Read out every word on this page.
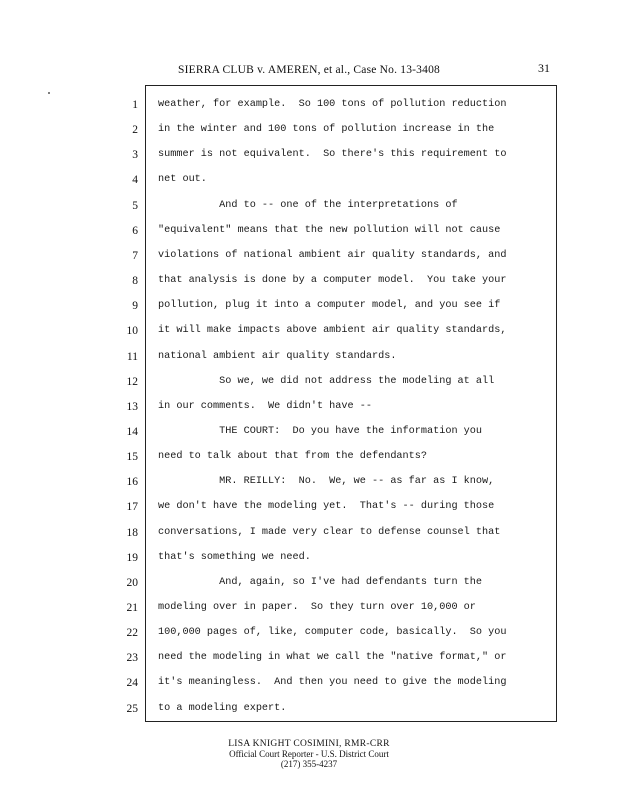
SIERRA CLUB v. AMEREN, et al., Case No. 13-3408	31
1 weather, for example.  So 100 tons of pollution reduction
2 in the winter and 100 tons of pollution increase in the
3 summer is not equivalent.  So there's this requirement to
4 net out.
5 And to -- one of the interpretations of
6 "equivalent" means that the new pollution will not cause
7 violations of national ambient air quality standards, and
8 that analysis is done by a computer model.  You take your
9 pollution, plug it into a computer model, and you see if
10 it will make impacts above ambient air quality standards,
11 national ambient air quality standards.
12 So we, we did not address the modeling at all
13 in our comments.  We didn't have --
14 THE COURT:  Do you have the information you
15 need to talk about that from the defendants?
16 MR. REILLY:  No.  We, we -- as far as I know,
17 we don't have the modeling yet.  That's -- during those
18 conversations, I made very clear to defense counsel that
19 that's something we need.
20 And, again, so I've had defendants turn the
21 modeling over in paper.  So they turn over 10,000 or
22 100,000 pages of, like, computer code, basically.  So you
23 need the modeling in what we call the "native format," or
24 it's meaningless.  And then you need to give the modeling
25 to a modeling expert.
LISA KNIGHT COSIMINI, RMR-CRR
Official Court Reporter - U.S. District Court
(217) 355-4237
